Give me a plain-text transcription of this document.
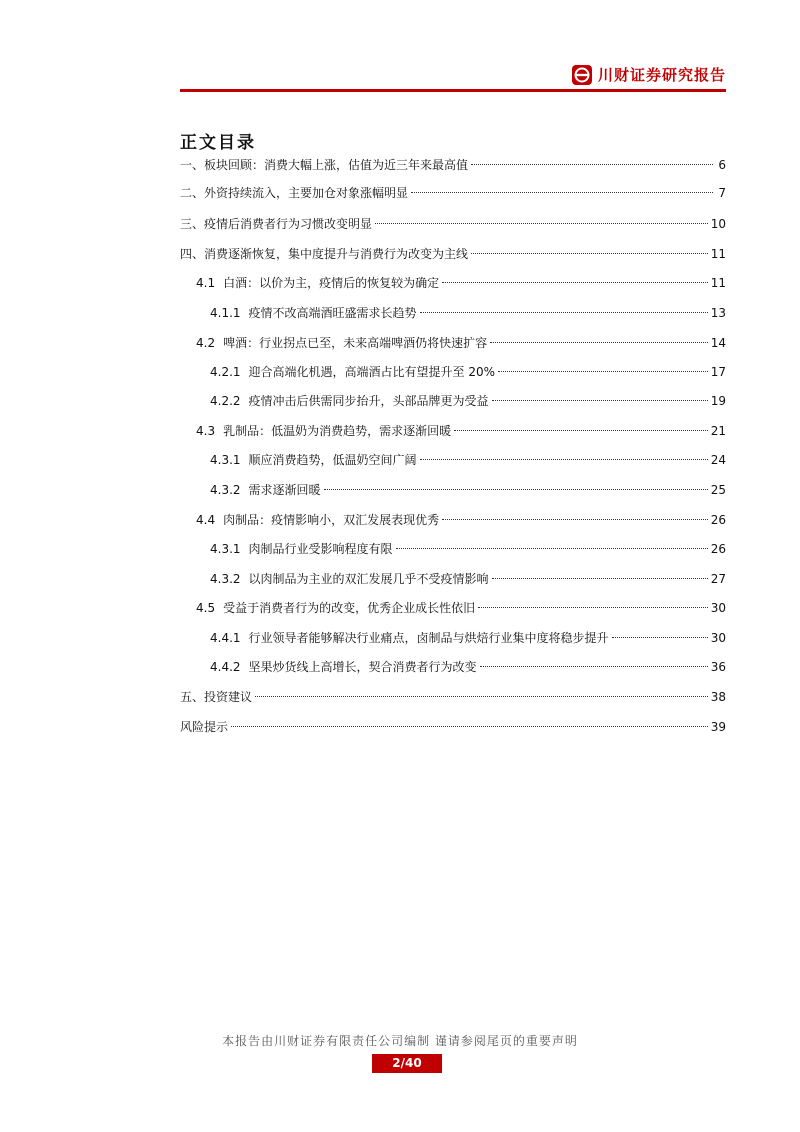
川财证券研究报告
正文目录
一、板块回顾：消费大幅上涨，估值为近三年来最高值	6
二、外资持续流入，主要加仓对象涨幅明显	7
三、疫情后消费者行为习惯改变明显	10
四、消费逐渐恢复，集中度提升与消费行为改变为主线	11
4.1 白酒：以价为主，疫情后的恢复较为确定	11
4.1.1 疫情不改高端酒旺盛需求长趋势	13
4.2 啤酒：行业拐点已至，未来高端啤酒仍将快速扩容	14
4.2.1 迎合高端化机遇，高端酒占比有望提升至 20%	17
4.2.2 疫情冲击后供需同步抬升，头部品牌更为受益	19
4.3 乳制品：低温奶为消费趋势，需求逐渐回暖	21
4.3.1 顺应消费趋势，低温奶空间广阔	24
4.3.2 需求逐渐回暖	25
4.4 肉制品：疫情影响小，双汇发展表现优秀	26
4.3.1 肉制品行业受影响程度有限	26
4.3.2 以肉制品为主业的双汇发展几乎不受疫情影响	27
4.5 受益于消费者行为的改变，优秀企业成长性依旧	30
4.4.1 行业领导者能够解决行业痛点，卤制品与烘焙行业集中度将稳步提升	30
4.4.2 坚果炒货线上高增长，契合消费者行为改变	36
五、投资建议	38
风险提示	39
本报告由川财证券有限责任公司编制 谨请参阅尾页的重要声明
2/40
